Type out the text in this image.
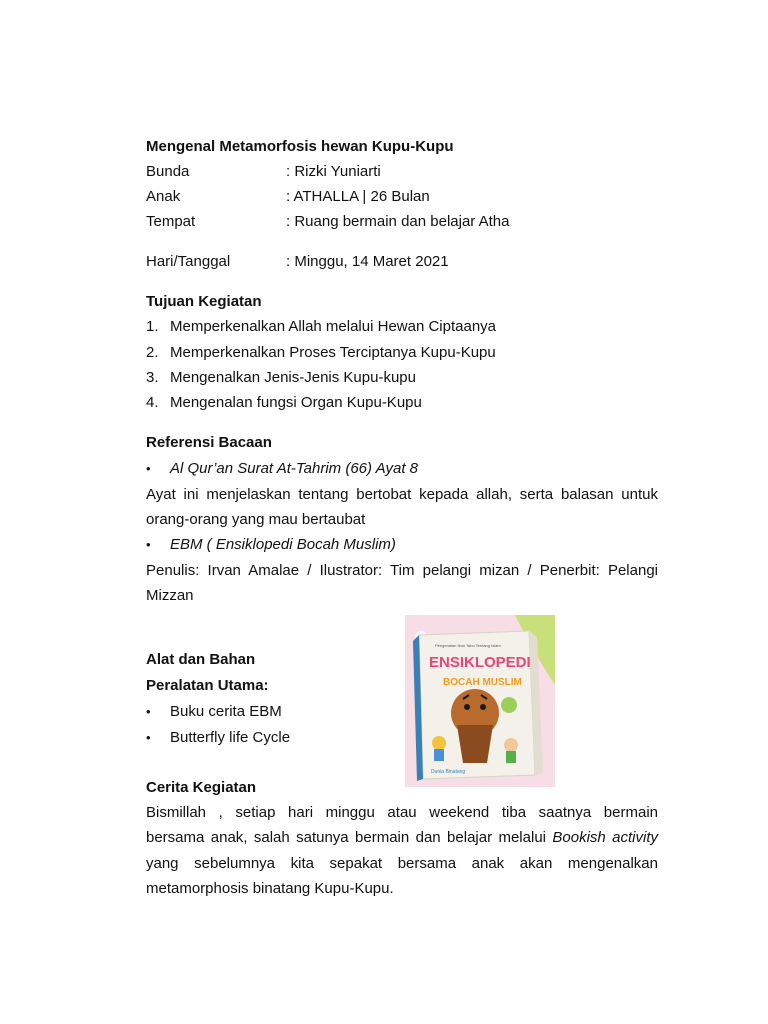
Mengenal Metamorfosis hewan Kupu-Kupu
Bunda	: Rizki Yuniarti
Anak	: ATHALLA | 26 Bulan
Tempat	: Ruang bermain dan belajar Atha
Hari/Tanggal	: Minggu, 14 Maret 2021
Tujuan Kegiatan
1. Memperkenalkan Allah melalui Hewan Ciptaanya
2. Memperkenalkan Proses Terciptanya Kupu-Kupu
3. Mengenalkan Jenis-Jenis Kupu-kupu
4. Mengenalan fungsi Organ Kupu-Kupu
Referensi Bacaan
•	Al Qur’an Surat At-Tahrim (66) Ayat 8
Ayat ini menjelaskan tentang bertobat kepada allah, serta balasan untuk
orang-orang yang mau bertaubat
•	EBM ( Ensiklopedi Bocah Muslim)
Penulis: Irvan Amalae / Ilustrator: Tim pelangi mizan / Penerbit: Pelangi
Mizzan
Alat dan Bahan
Peralatan Utama:
•	Buku cerita EBM
•	Butterfly life Cycle
Cerita Kegiatan
Bismillah , setiap hari minggu atau weekend tiba saatnya bermain
bersama anak, salah satunya bermain dan belajar melalui Bookish activity
yang sebelumnya kita sepakat bersama anak akan mengenalkan
metamorphosis binatang Kupu-Kupu.
Pengenalan Ilmu Tahu Tentang Islam
ENSIKLOPEDI
BOCAH MUSLIM
Dunia Binatang
